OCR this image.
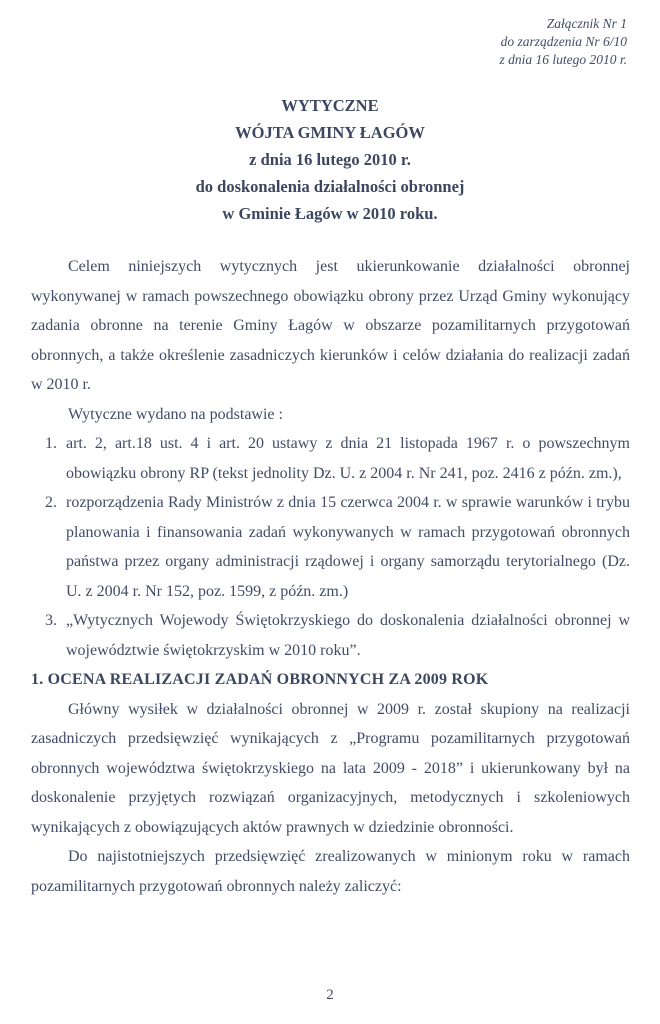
Załącznik Nr 1
do zarządzenia Nr 6/10
z dnia 16 lutego 2010 r.
WYTYCZNE
WÓJTA GMINY ŁAGÓW
z dnia 16 lutego 2010 r.
do doskonalenia działalności obronnej
w Gminie Łagów w 2010 roku.

Celem niniejszych wytycznych jest ukierunkowanie działalności obronnej wykonywanej w ramach powszechnego obowiązku obrony przez Urząd Gminy wykonujący zadania obronne na terenie Gminy Łagów w obszarze pozamilitarnych przygotowań obronnych, a także określenie zasadniczych kierunków i celów działania do realizacji zadań w 2010 r.

Wytyczne wydano na podstawie :

1. art. 2, art.18 ust. 4 i art. 20 ustawy z dnia 21 listopada 1967 r. o powszechnym obowiązku obrony RP (tekst jednolity Dz. U. z 2004 r. Nr 241, poz. 2416 z późn. zm.),
2. rozporządzenia Rady Ministrów z dnia 15 czerwca 2004 r. w sprawie warunków i trybu planowania i finansowania zadań wykonywanych w ramach przygotowań obronnych państwa przez organy administracji rządowej i organy samorządu terytorialnego (Dz. U. z 2004 r. Nr 152, poz. 1599, z późn. zm.)
3. „Wytycznych Wojewody Świętokrzyskiego do doskonalenia działalności obronnej w województwie świętokrzyskim w 2010 roku”.

1. OCENA REALIZACJI ZADAŃ OBRONNYCH ZA 2009 ROK

Główny wysiłek w działalności obronnej w 2009 r. został skupiony na realizacji zasadniczych przedsięwzięć wynikających z „Programu pozamilitarnych przygotowań obronnych województwa świętokrzyskiego na lata 2009 - 2018” i ukierunkowany był na doskonalenie przyjętych rozwiązań organizacyjnych, metodycznych i szkoleniowych wynikających z obowiązujących aktów prawnych w dziedzinie obronności.

Do najistotniejszych przedsięwzięć zrealizowanych w minionym roku w ramach pozamilitarnych przygotowań obronnych należy zaliczyć:

2
